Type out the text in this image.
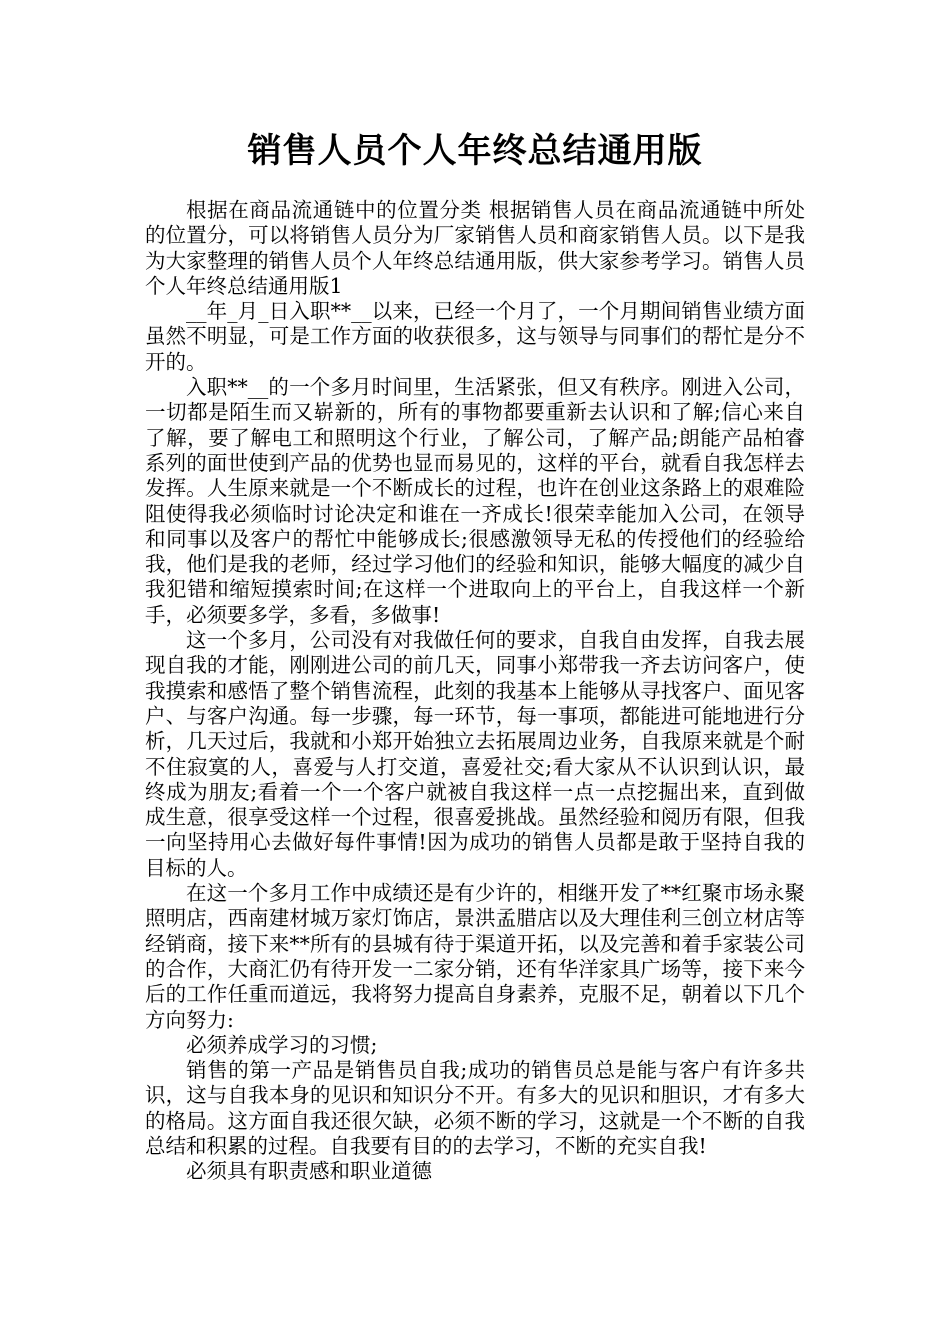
销售人员个人年终总结通用版

根据在商品流通链中的位置分类 根据销售人员在商品流通链中所处的位置分，可以将销售人员分为厂家销售人员和商家销售人员。以下是我为大家整理的销售人员个人年终总结通用版，供大家参考学习。销售人员个人年终总结通用版1

__年_月_日入职**__以来，已经一个月了，一个月期间销售业绩方面虽然不明显，可是工作方面的收获很多，这与领导与同事们的帮忙是分不开的。

入职**__的一个多月时间里，生活紧张，但又有秩序。刚进入公司，一切都是陌生而又崭新的，所有的事物都要重新去认识和了解;信心来自了解，要了解电工和照明这个行业，了解公司，了解产品;朗能产品柏睿系列的面世使到产品的优势也显而易见的，这样的平台，就看自我怎样去发挥。人生原来就是一个不断成长的过程，也许在创业这条路上的艰难险阻使得我必须临时讨论决定和谁在一齐成长!很荣幸能加入公司，在领导和同事以及客户的帮忙中能够成长;很感激领导无私的传授他们的经验给我，他们是我的老师，经过学习他们的经验和知识，能够大幅度的减少自我犯错和缩短摸索时间;在这样一个进取向上的平台上，自我这样一个新手，必须要多学，多看，多做事!

这一个多月，公司没有对我做任何的要求，自我自由发挥，自我去展现自我的才能，刚刚进公司的前几天，同事小郑带我一齐去访问客户，使我摸索和感悟了整个销售流程，此刻的我基本上能够从寻找客户、面见客户、与客户沟通。每一步骤，每一环节，每一事项，都能进可能地进行分析，几天过后，我就和小郑开始独立去拓展周边业务，自我原来就是个耐不住寂寞的人，喜爱与人打交道，喜爱社交;看大家从不认识到认识，最终成为朋友;看着一个一个客户就被自我这样一点一点挖掘出来，直到做成生意，很享受这样一个过程，很喜爱挑战。虽然经验和阅历有限，但我一向坚持用心去做好每件事情!因为成功的销售人员都是敢于坚持自我的目标的人。

在这一个多月工作中成绩还是有少许的，相继开发了**红聚市场永聚照明店，西南建材城万家灯饰店，景洪孟腊店以及大理佳利三创立材店等经销商，接下来**所有的县城有待于渠道开拓，以及完善和着手家装公司的合作，大商汇仍有待开发一二家分销，还有华洋家具广场等，接下来今后的工作任重而道远，我将努力提高自身素养，克服不足，朝着以下几个方向努力:

必须养成学习的习惯;

销售的第一产品是销售员自我;成功的销售员总是能与客户有许多共识，这与自我本身的见识和知识分不开。有多大的见识和胆识，才有多大的格局。这方面自我还很欠缺，必须不断的学习，这就是一个不断的自我总结和积累的过程。自我要有目的的去学习，不断的充实自我!

必须具有职责感和职业道德
